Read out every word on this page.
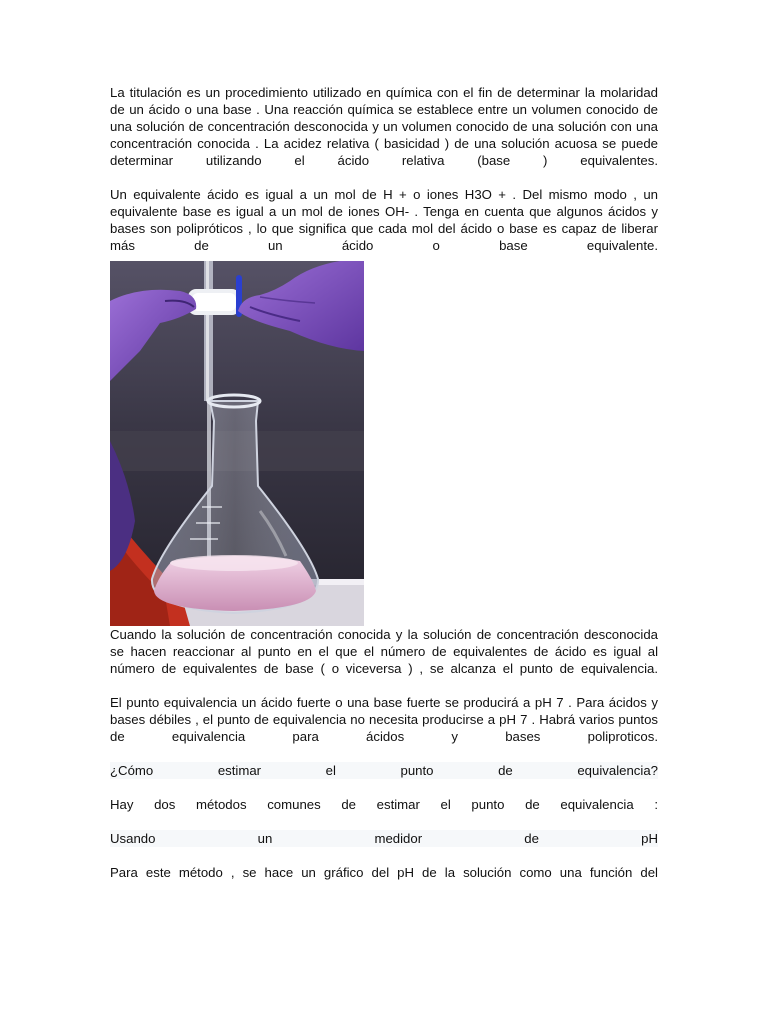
La titulación es un procedimiento utilizado en química con el fin de determinar la molaridad de un ácido o una base . Una reacción química se establece entre un volumen conocido de una solución de concentración desconocida y un volumen conocido de una solución con una concentración conocida . La acidez relativa ( basicidad ) de una solución acuosa se puede determinar utilizando el ácido relativa (base ) equivalentes.

Un equivalente ácido es igual a un mol de H + o iones H3O + . Del mismo modo , un equivalente base es igual a un mol de iones OH- . Tenga en cuenta que algunos ácidos y bases son polipróticos , lo que significa que cada mol del ácido o base es capaz de liberar más de un ácido o base equivalente.

Cuando la solución de concentración conocida y la solución de concentración desconocida se hacen reaccionar al punto en el que el número de equivalentes de ácido es igual al número de equivalentes de base ( o viceversa ) , se alcanza el punto de equivalencia.

El punto equivalencia un ácido fuerte o una base fuerte se producirá a pH 7 . Para ácidos y bases débiles , el punto de equivalencia no necesita producirse a pH 7 . Habrá varios puntos de equivalencia para ácidos y bases poliproticos.

¿Cómo estimar el punto de equivalencia?

Hay dos métodos comunes de estimar el punto de equivalencia :

Usando un medidor de pH

Para este método , se hace un gráfico del pH de la solución como una función del
